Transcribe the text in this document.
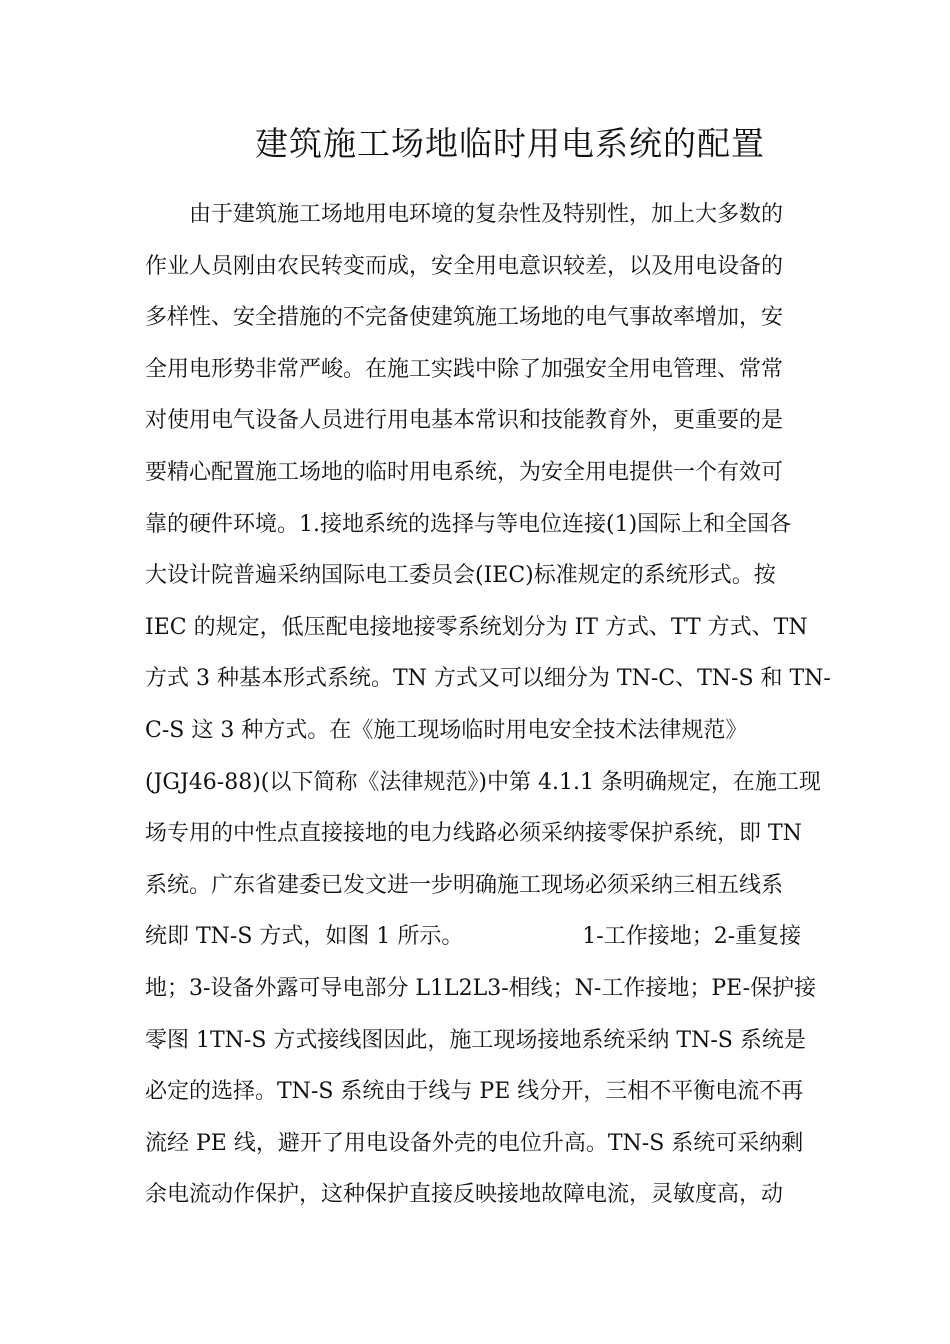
建筑施工场地临时用电系统的配置
由于建筑施工场地用电环境的复杂性及特别性，加上大多数的
作业人员刚由农民转变而成，安全用电意识较差，以及用电设备的
多样性、安全措施的不完备使建筑施工场地的电气事故率增加，安
全用电形势非常严峻。在施工实践中除了加强安全用电管理、常常
对使用电气设备人员进行用电基本常识和技能教育外，更重要的是
要精心配置施工场地的临时用电系统，为安全用电提供一个有效可
靠的硬件环境。1.接地系统的选择与等电位连接(1)国际上和全国各
大设计院普遍采纳国际电工委员会(IEC)标准规定的系统形式。按
IEC 的规定，低压配电接地接零系统划分为 IT 方式、TT 方式、TN
方式 3 种基本形式系统。TN 方式又可以细分为 TN-C、TN-S 和 TN-
C-S 这 3 种方式。在《施工现场临时用电安全技术法律规范》
(JGJ46-88)(以下简称《法律规范》)中第 4.1.1 条明确规定，在施工现
场专用的中性点直接接地的电力线路必须采纳接零保护系统，即 TN
系统。广东省建委已发文进一步明确施工现场必须采纳三相五线系
统即 TN-S 方式，如图 1 所示。                 1-工作接地；2-重复接
地；3-设备外露可导电部分 L1L2L3-相线；N-工作接地；PE-保护接
零图 1TN-S 方式接线图因此，施工现场接地系统采纳 TN-S 系统是
必定的选择。TN-S 系统由于线与 PE 线分开，三相不平衡电流不再
流经 PE 线，避开了用电设备外壳的电位升高。TN-S 系统可采纳剩
余电流动作保护，这种保护直接反映接地故障电流，灵敏度高，动
